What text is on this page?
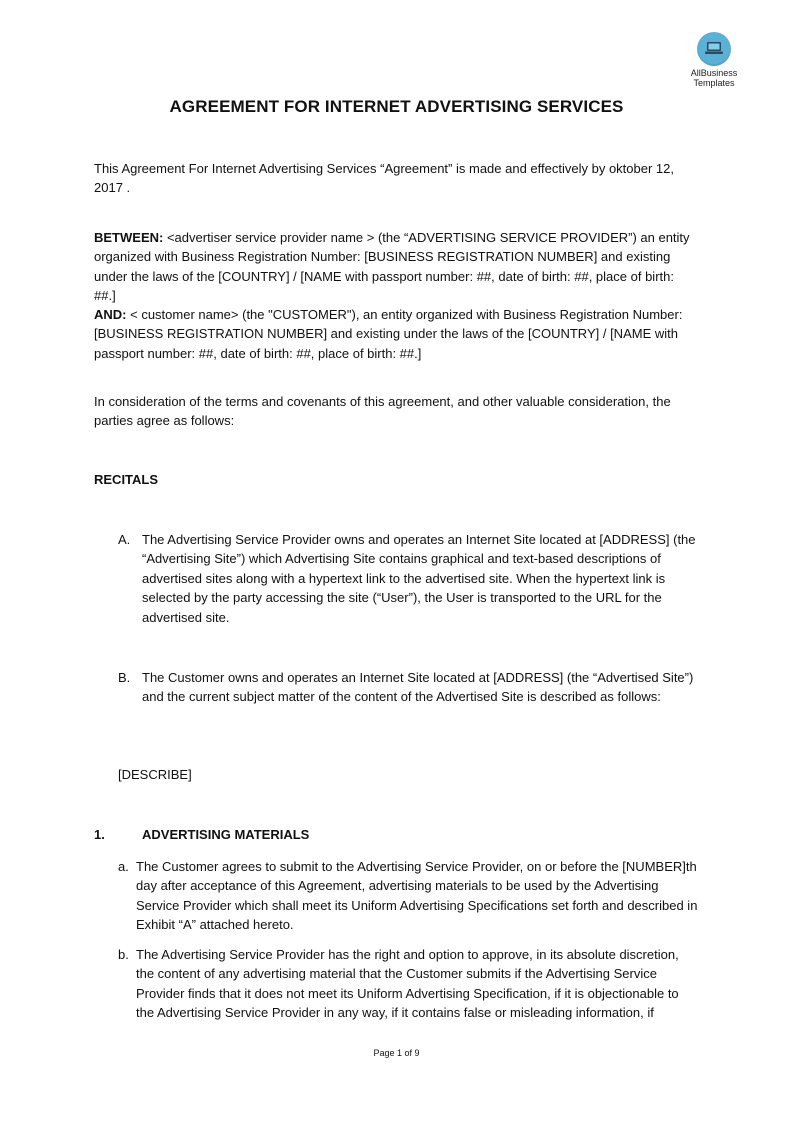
AllBusiness
Templates
AGREEMENT FOR INTERNET ADVERTISING SERVICES
This Agreement For Internet Advertising Services “Agreement” is made and effectively by oktober 12, 2017 .
BETWEEN: <advertiser service provider name > (the “ADVERTISING SERVICE PROVIDER”) an entity organized with Business Registration Number: [BUSINESS REGISTRATION NUMBER] and existing under the laws of the [COUNTRY] / [NAME with passport number: ##, date of birth: ##, place of birth: ##.]
AND: < customer name> (the "CUSTOMER"), an entity organized with Business Registration Number: [BUSINESS REGISTRATION NUMBER] and existing under the laws of the [COUNTRY] / [NAME with passport number: ##, date of birth: ##, place of birth: ##.]
In consideration of the terms and covenants of this agreement, and other valuable consideration, the parties agree as follows:
RECITALS
A. The Advertising Service Provider owns and operates an Internet Site located at [ADDRESS] (the “Advertising Site”) which Advertising Site contains graphical and text-based descriptions of advertised sites along with a hypertext link to the advertised site. When the hypertext link is selected by the party accessing the site (“User”), the User is transported to the URL for the advertised site.
B. The Customer owns and operates an Internet Site located at [ADDRESS] (the “Advertised Site”) and the current subject matter of the content of the Advertised Site is described as follows:
[DESCRIBE]
1.	ADVERTISING MATERIALS
a. The Customer agrees to submit to the Advertising Service Provider, on or before the [NUMBER]th day after acceptance of this Agreement, advertising materials to be used by the Advertising Service Provider which shall meet its Uniform Advertising Specifications set forth and described in Exhibit “A” attached hereto.
b. The Advertising Service Provider has the right and option to approve, in its absolute discretion, the content of any advertising material that the Customer submits if the Advertising Service Provider finds that it does not meet its Uniform Advertising Specification, if it is objectionable to the Advertising Service Provider in any way, if it contains false or misleading information, if
Page 1 of 9
